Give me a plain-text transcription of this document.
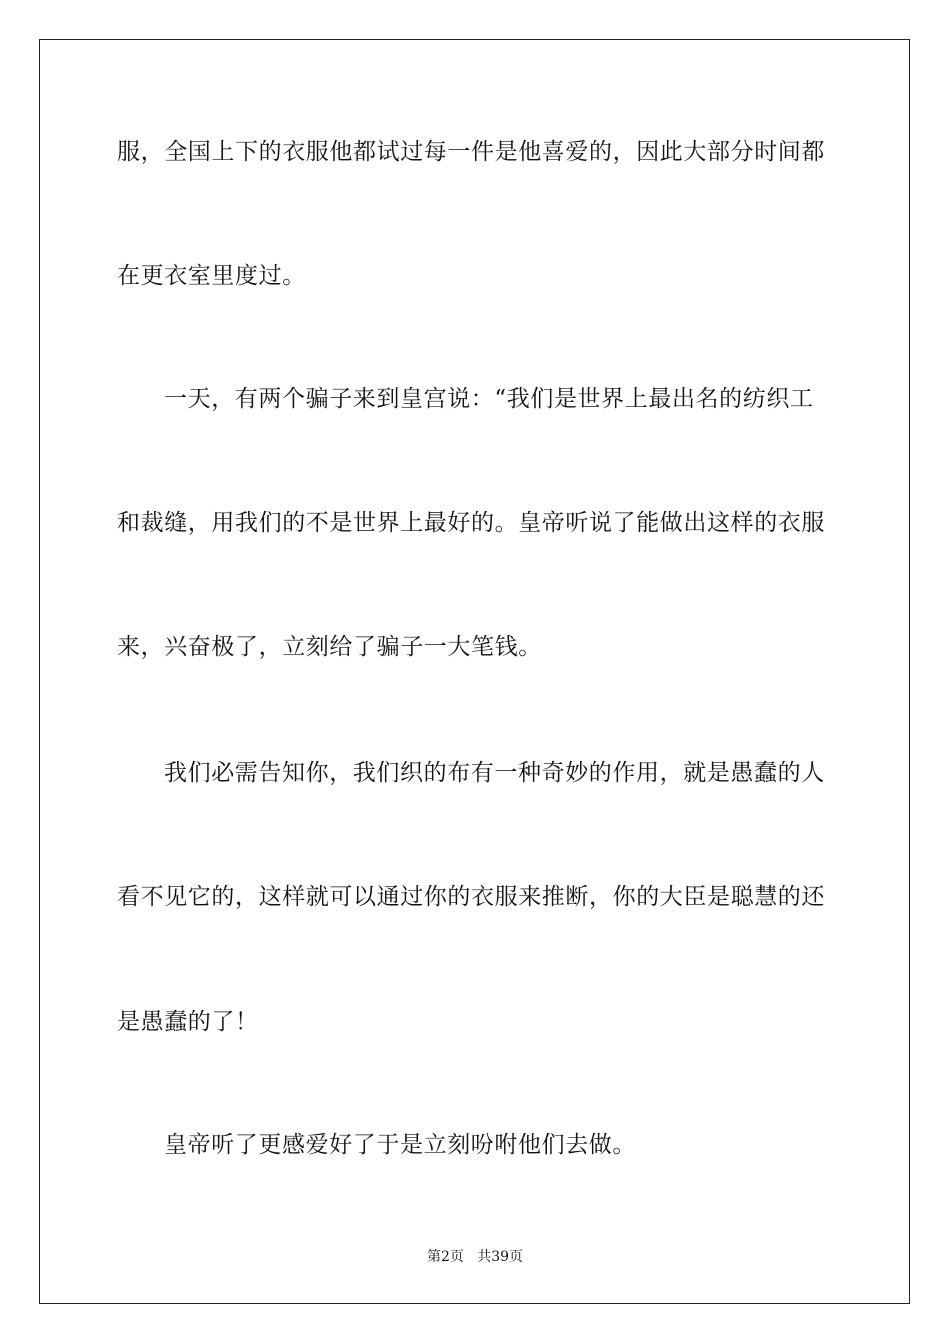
服，全国上下的衣服他都试过每一件是他喜爱的，因此大部分时间都
在更衣室里度过。
一天，有两个骗子来到皇宫说：“我们是世界上最出名的纺织工
和裁缝，用我们的不是世界上最好的。皇帝听说了能做出这样的衣服
来，兴奋极了，立刻给了骗子一大笔钱。
我们必需告知你，我们织的布有一种奇妙的作用，就是愚蠢的人
看不见它的，这样就可以通过你的衣服来推断，你的大臣是聪慧的还
是愚蠢的了！
皇帝听了更感爱好了于是立刻吩咐他们去做。
第2页   共39页
